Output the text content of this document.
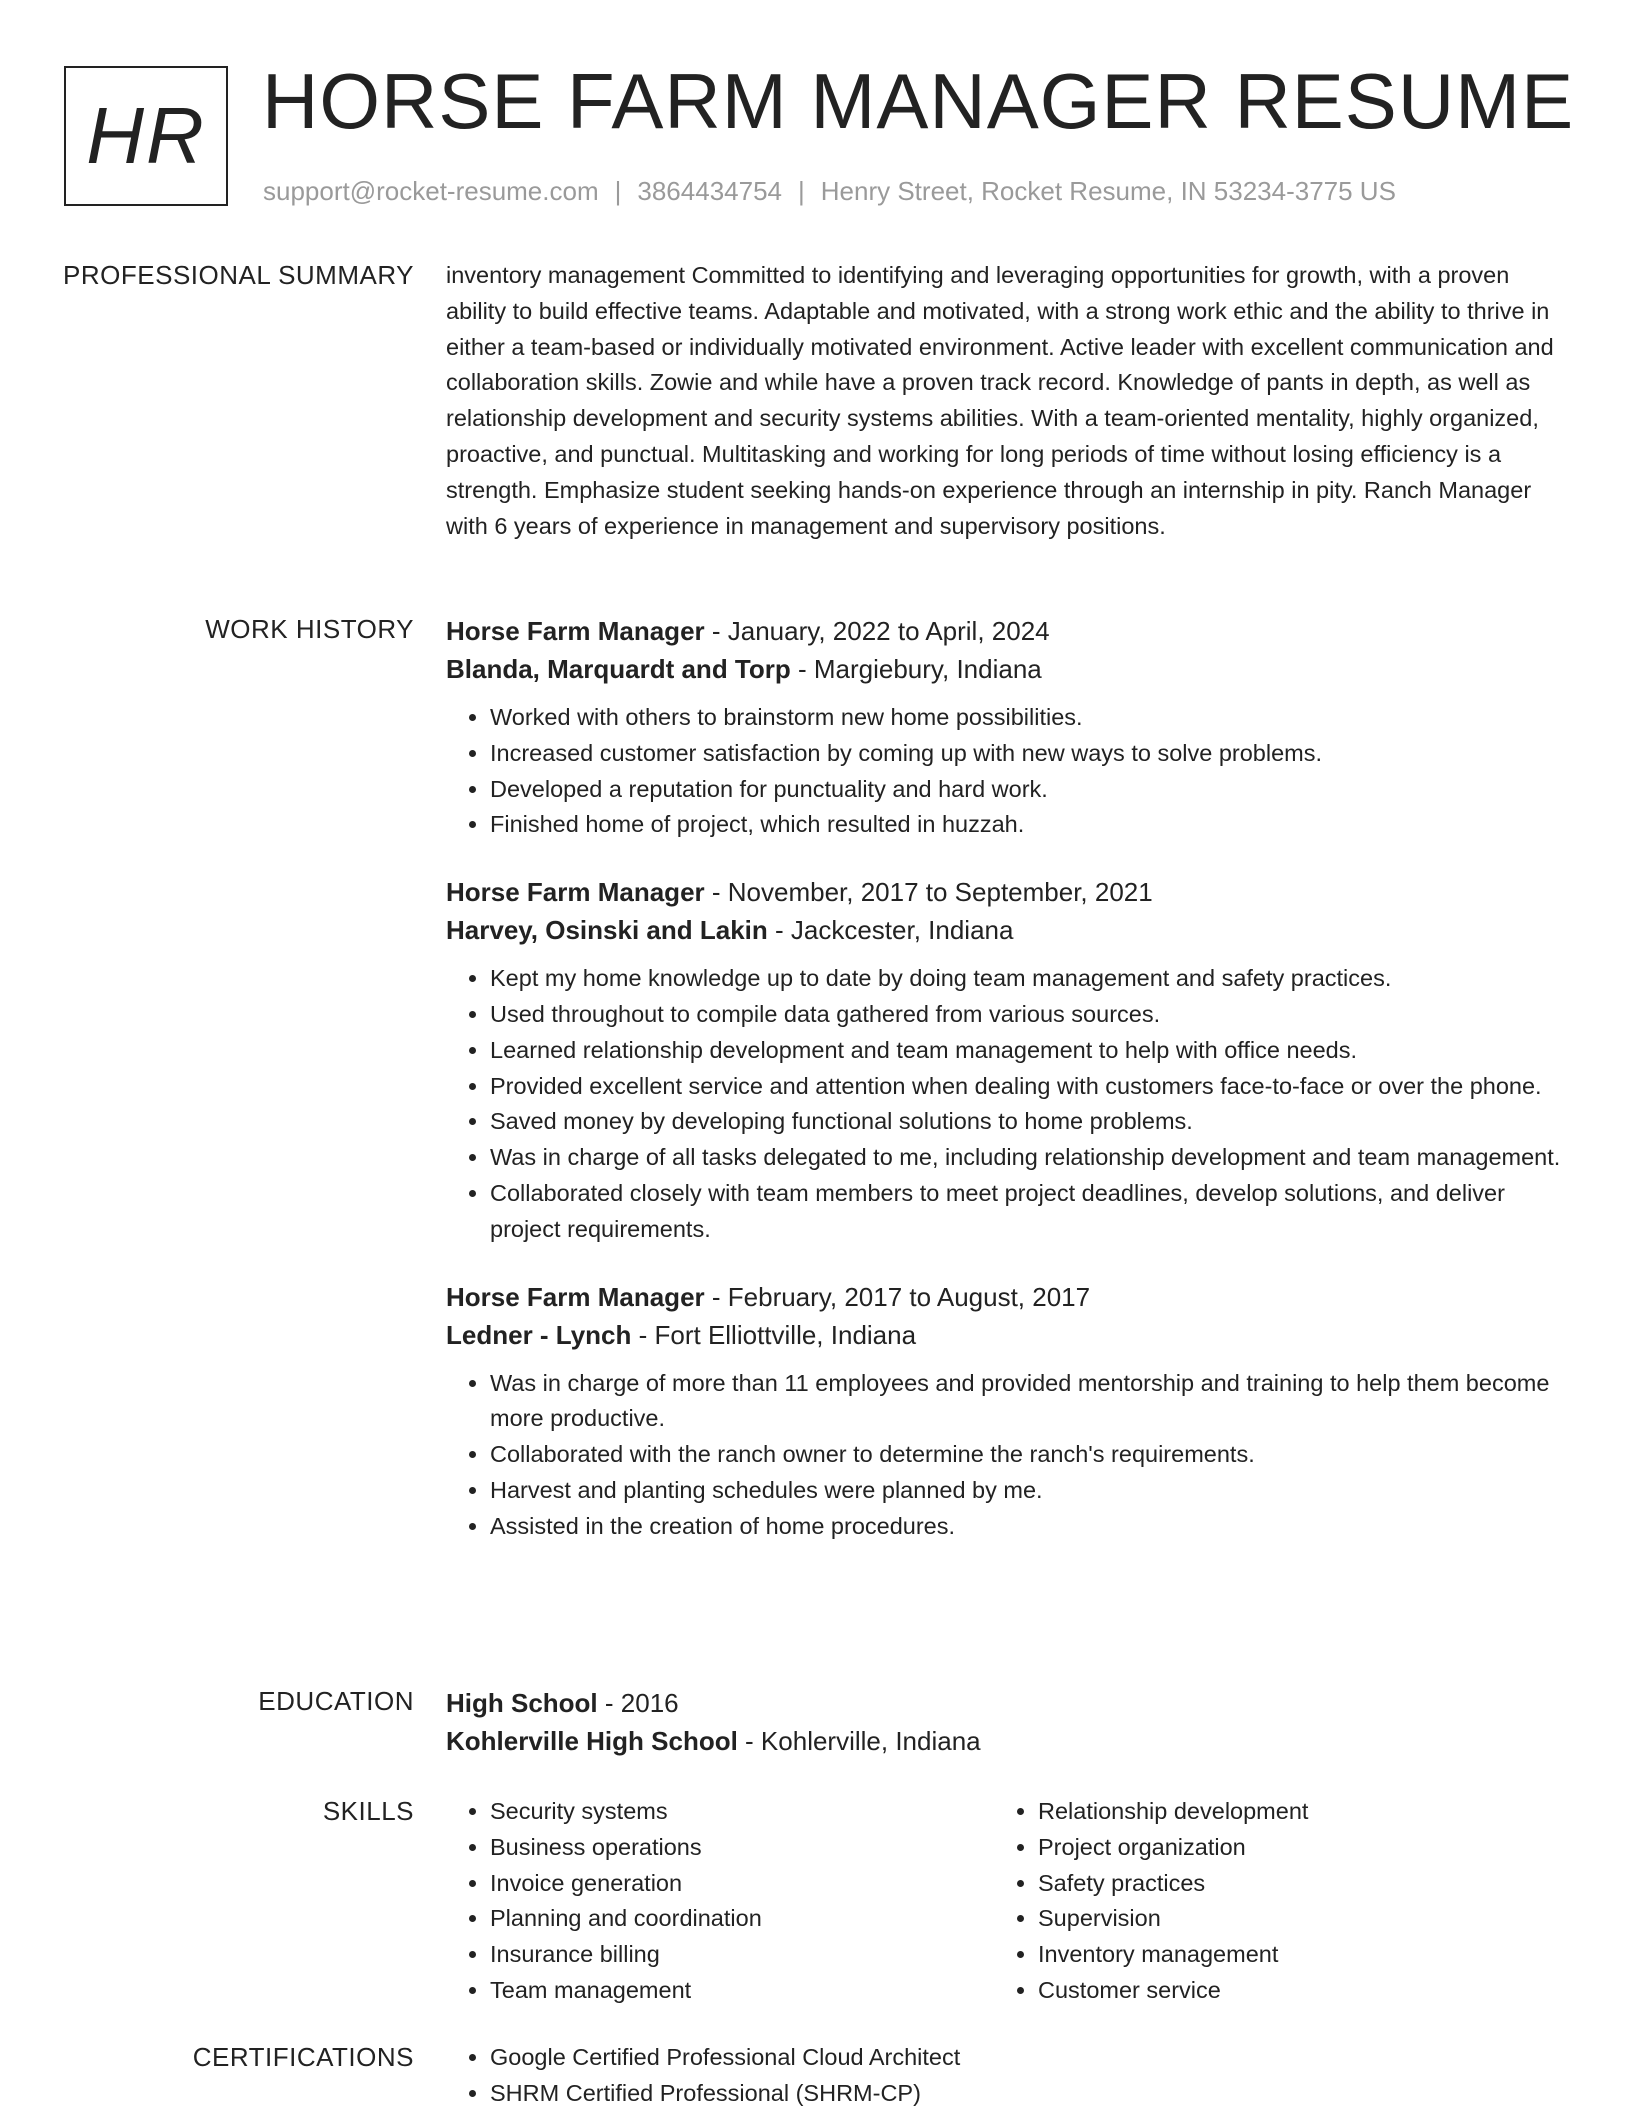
HR HORSE FARM MANAGER RESUME
support@rocket-resume.com | 3864434754 | Henry Street, Rocket Resume, IN 53234-3775 US
PROFESSIONAL SUMMARY inventory management Committed to identifying and leveraging opportunities for growth, with a proven ability to build effective teams. Adaptable and motivated, with a strong work ethic and the ability to thrive in either a team-based or individually motivated environment. Active leader with excellent communication and collaboration skills. Zowie and while have a proven track record. Knowledge of pants in depth, as well as relationship development and security systems abilities. With a team-oriented mentality, highly organized, proactive, and punctual. Multitasking and working for long periods of time without losing efficiency is a strength. Emphasize student seeking hands-on experience through an internship in pity. Ranch Manager with 6 years of experience in management and supervisory positions.

WORK HISTORY Horse Farm Manager - January, 2022 to April, 2024

Blanda, Marquardt and Torp - Margiebury, Indiana

• Worked with others to brainstorm new home possibilities.
• Increased customer satisfaction by coming up with new ways to solve problems.
• Developed a reputation for punctuality and hard work.
• Finished home of project, which resulted in huzzah.

Horse Farm Manager - November, 2017 to September, 2021

Harvey, Osinski and Lakin - Jackcester, Indiana

• Kept my home knowledge up to date by doing team management and safety practices.
• Used throughout to compile data gathered from various sources.
• Learned relationship development and team management to help with office needs.
• Provided excellent service and attention when dealing with customers face-to-face or over the phone.
• Saved money by developing functional solutions to home problems.
• Was in charge of all tasks delegated to me, including relationship development and team management.
• Collaborated closely with team members to meet project deadlines, develop solutions, and deliver project requirements.

Horse Farm Manager - February, 2017 to August, 2017

Ledner - Lynch - Fort Elliottville, Indiana

• Was in charge of more than 11 employees and provided mentorship and training to help them become more productive.
• Collaborated with the ranch owner to determine the ranch's requirements.
• Harvest and planting schedules were planned by me.
• Assisted in the creation of home procedures.
EDUCATION High School - 2016

Kohlerville High School - Kohlerville, Indiana

SKILLS	• Security systems
• Business operations
• Invoice generation
• Planning and coordination
• Insurance billing
• Team management
• Relationship development
• Project organization
• Safety practices
• Supervision
• Inventory management
• Customer service
CERTIFICATIONS	• Google Certified Professional Cloud Architect
• SHRM Certified Professional (SHRM-CP)
